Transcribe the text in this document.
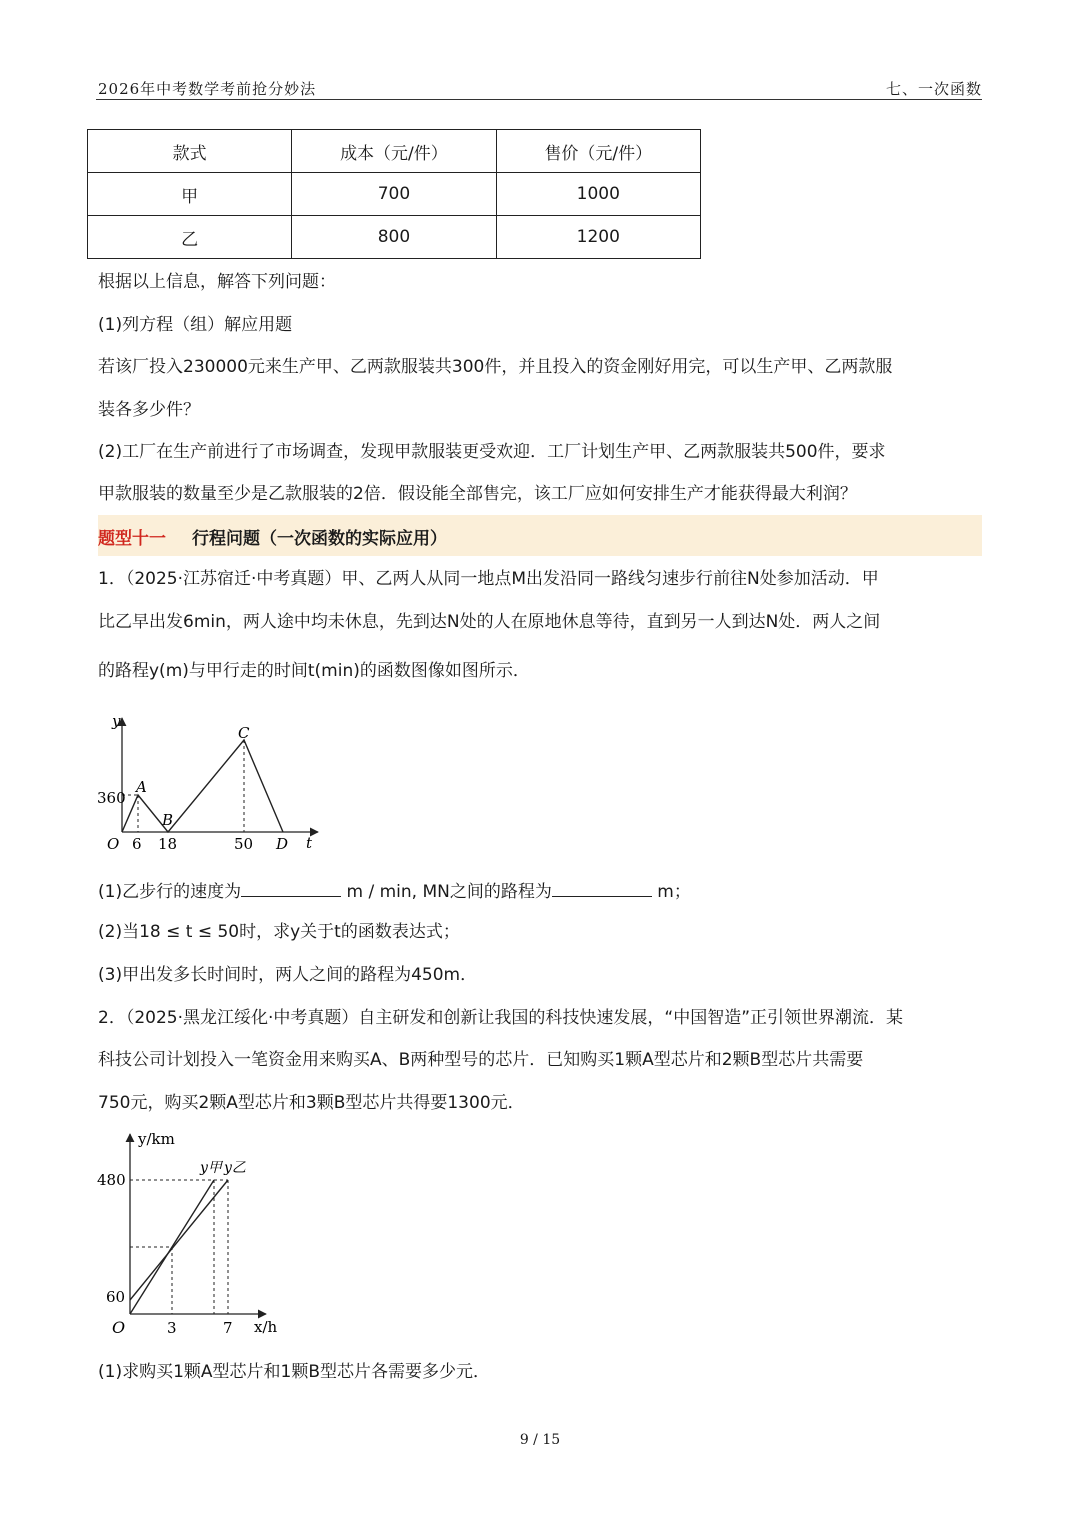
2026年中考数学考前抢分妙法	七、一次函数
款式	成本（元/件）	售价（元/件）
甲	700	1000
乙	800	1200
根据以上信息，解答下列问题：
(1)列方程（组）解应用题
若该厂投入230000元来生产甲、乙两款服装共300件，并且投入的资金刚好用完，可以生产甲、乙两款服
装各多少件？
(2)工厂在生产前进行了市场调查，发现甲款服装更受欢迎．工厂计划生产甲、乙两款服装共500件，要求
甲款服装的数量至少是乙款服装的2倍．假设能全部售完，该工厂应如何安排生产才能获得最大利润？
题型十一 行程问题（一次函数的实际应用）
1．（2025·江苏宿迁·中考真题）甲、乙两人从同一地点M出发沿同一路线匀速步行前往N处参加活动．甲
比乙早出发6min，两人途中均未休息，先到达N处的人在原地休息等待，直到另一人到达N处．两人之间
的路程y(m)与甲行走的时间t(min)的函数图像如图所示．
y
t
O
360
6 18	50 D
A
B
C
(1)乙步行的速度为	m / min, MN之间的路程为	m；
(2)当18 ≤ t ≤ 50时，求y关于t的函数表达式；
(3)甲出发多长时间时，两人之间的路程为450m．
2．（2025·黑龙江绥化·中考真题）自主研发和创新让我国的科技快速发展，“中国智造”正引领世界潮流．某
科技公司计划投入一笔资金用来购买A、B两种型号的芯片．已知购买1颗A型芯片和2颗B型芯片共需要
750元，购买2颗A型芯片和3颗B型芯片共得要1300元．
y/km
x/h
O
480
60
3	7
y甲 y乙
(1)求购买1颗A型芯片和1颗B型芯片各需要多少元．
9 / 15
